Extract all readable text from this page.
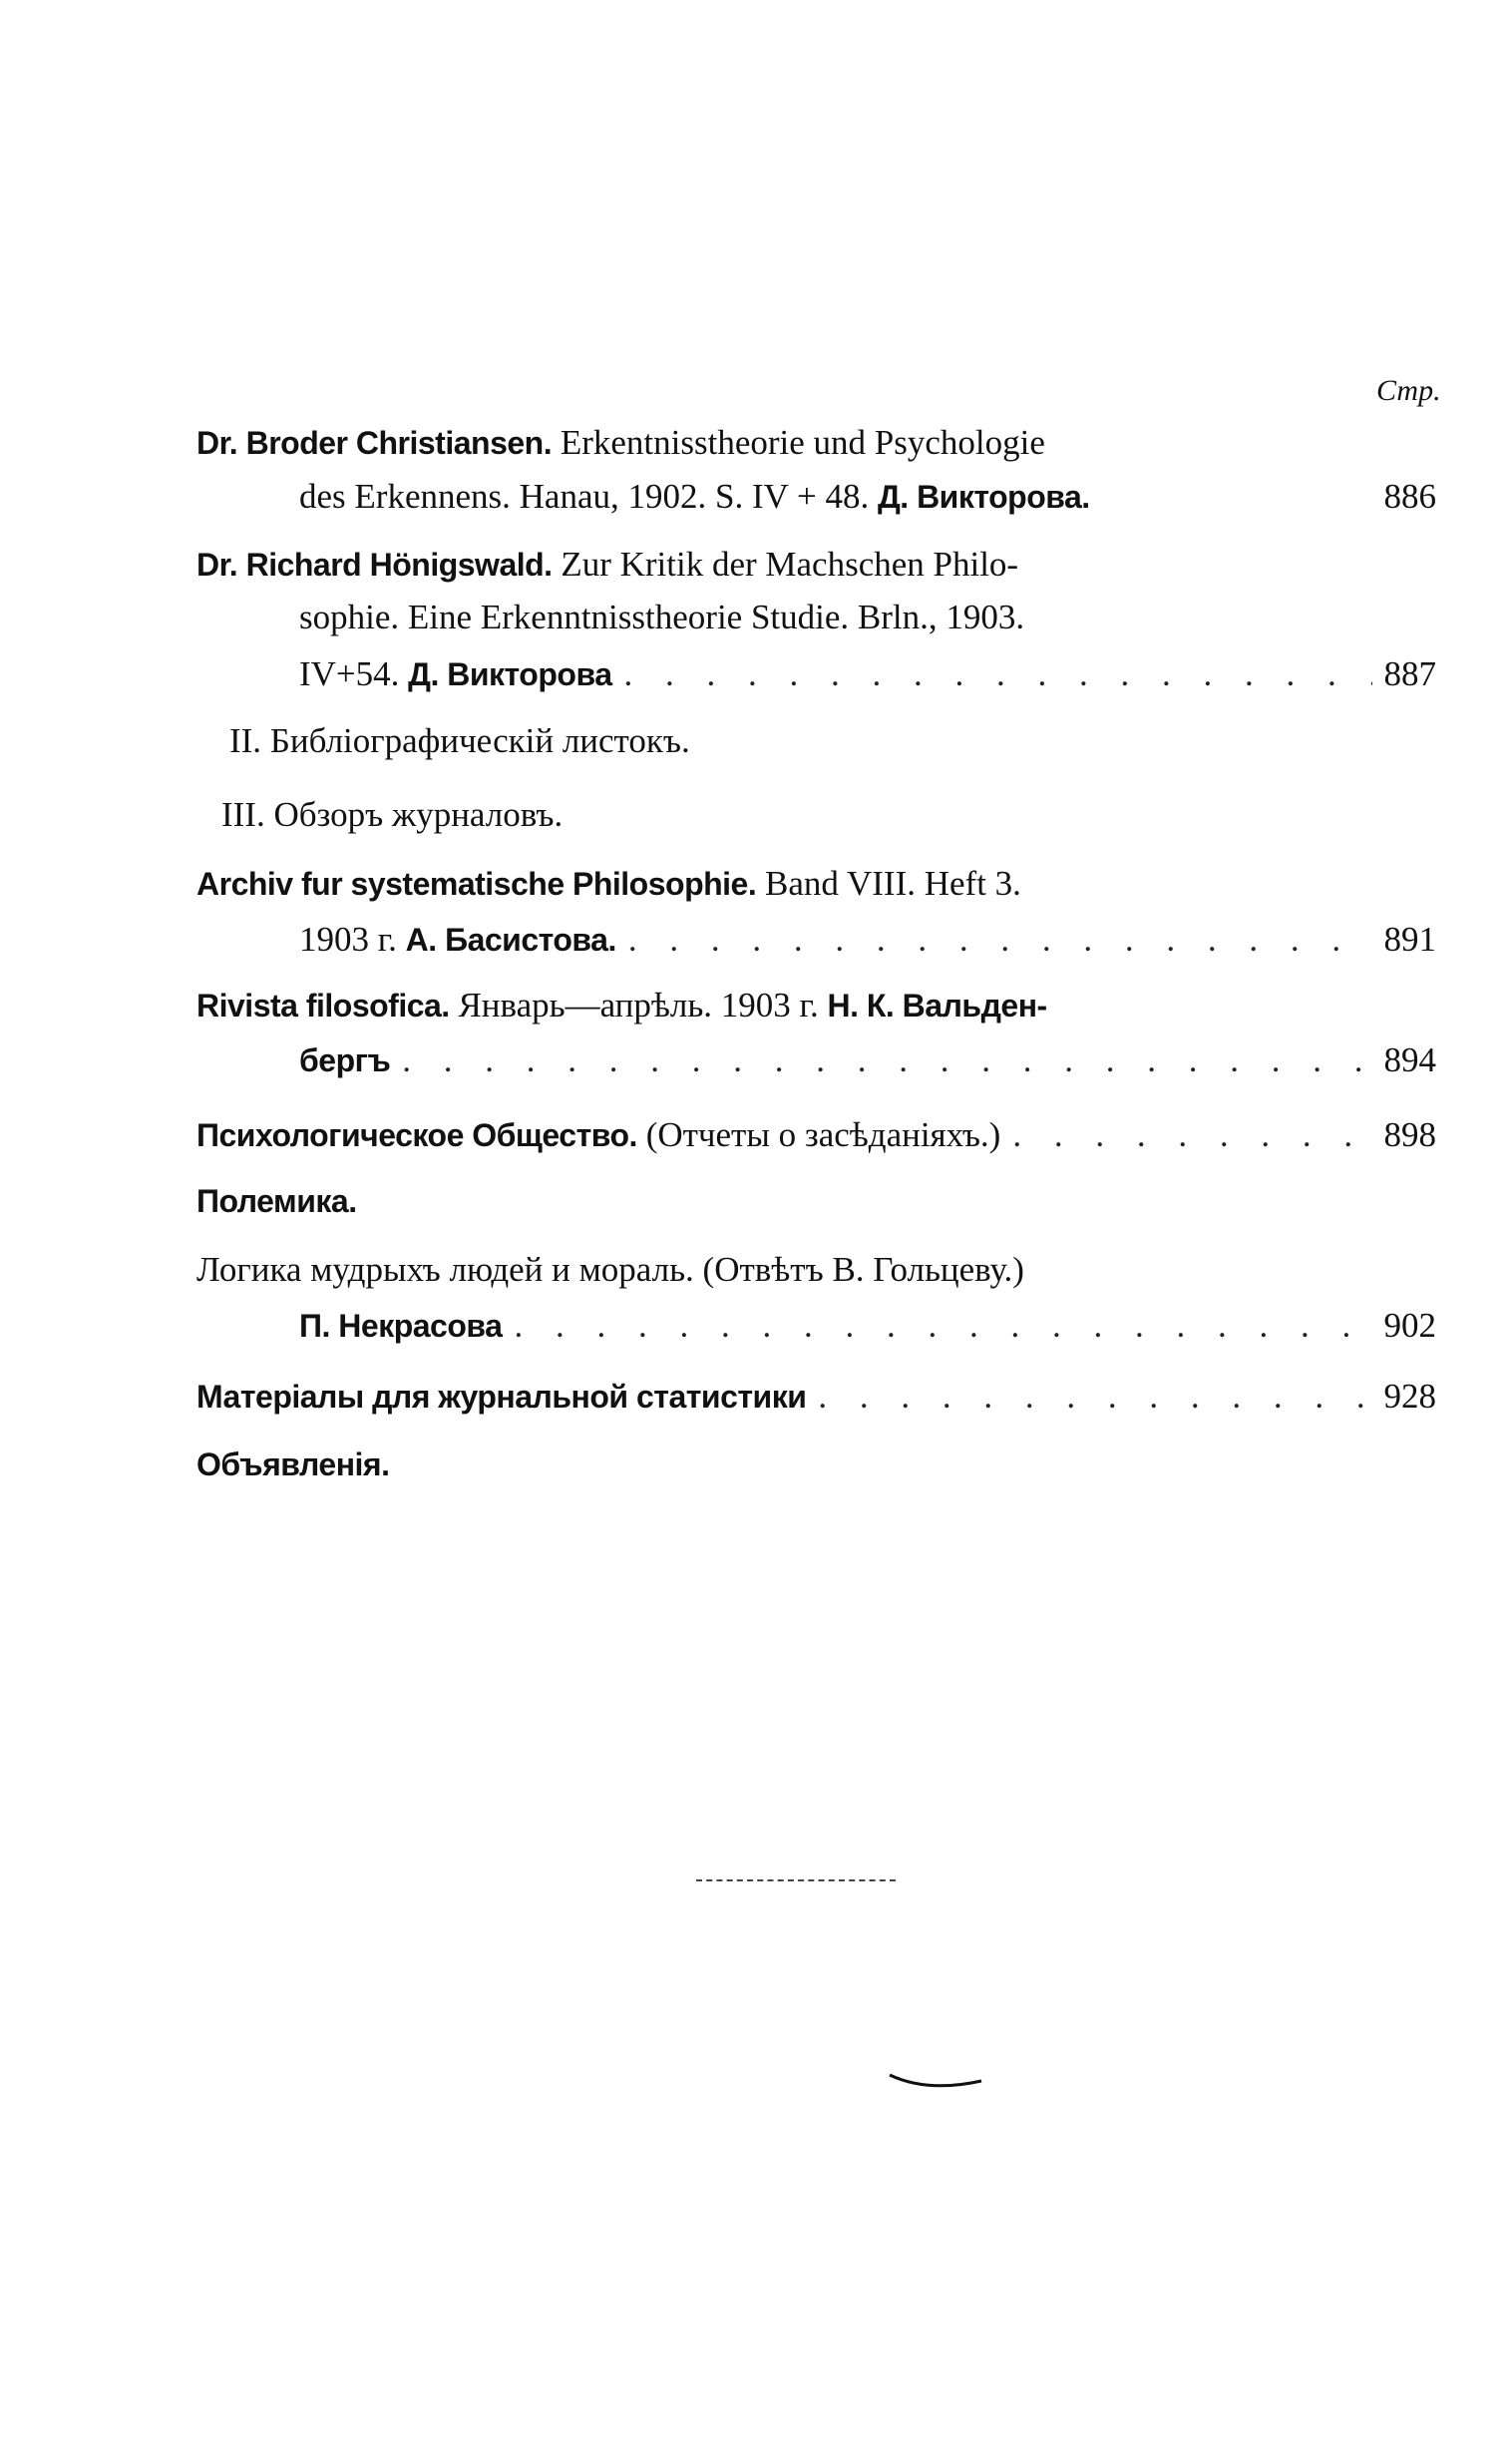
Стр.
Dr. Broder Christiansen.
Erkentnisstheorie und Psychologie
des Erkennens. Hanau, 1902. S. IV + 48.
Д. Викторова.	886
Dr. Richard Hönigswald.
Zur Kritik der Machschen Philo-
sophie. Eine Erkenntnisstheorie Studie. Brln., 1903.
IV+54.
Д. Викторова . . .	887
II. Библіографическій листокъ.
III. Обзоръ журналовъ.
Archiv fur systematische Philosophie.
Band VIII. Heft 3.
1903 г.
А. Басистова. . . .	891
Rivista filosofica.
Январь—апрѣль. 1903 г.
Н. К. Вальден-
бергъ . . .	894
Психологическое Общество.
(Отчеты о засѣданіяхъ.) . . .	898
Полемика.
Логика мудрыхъ людей и мораль. (Отвѣтъ В. Гольцеву.)
П. Некрасова . . .	902
Матеріалы для журнальной статистики . . .	928
Объявленія.
